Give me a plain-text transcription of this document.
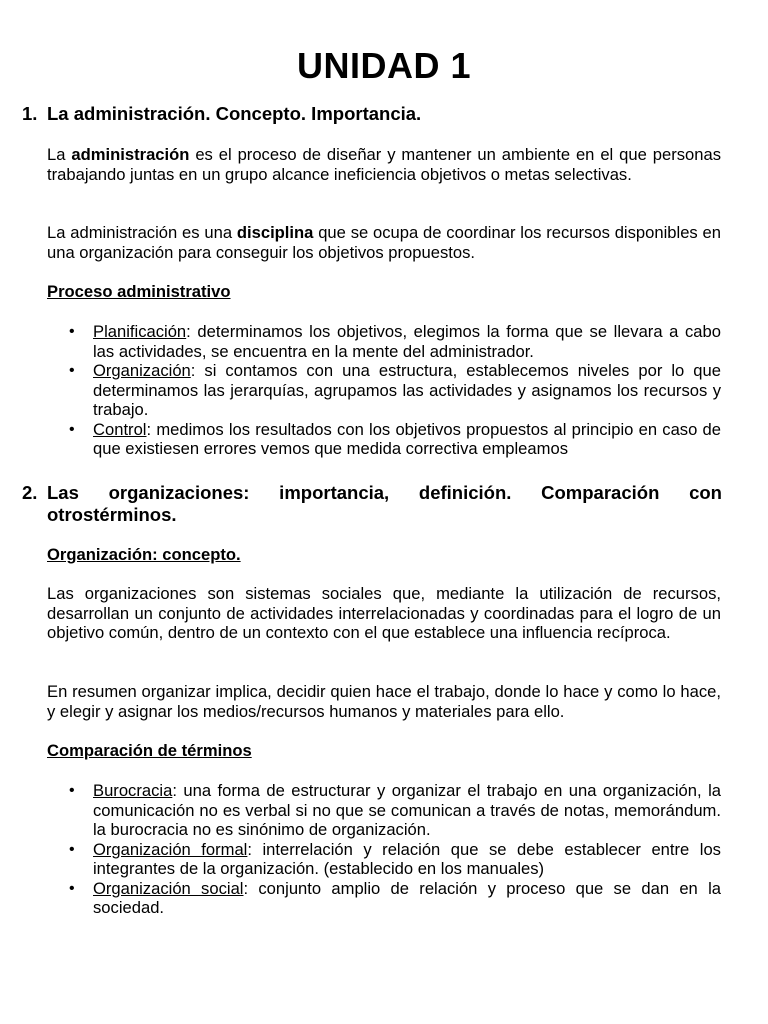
UNIDAD 1
1. La administración. Concepto. Importancia.
La administración es el proceso de diseñar y mantener un ambiente en el que personas trabajando juntas en un grupo alcance ineficiencia objetivos o metas selectivas.
La administración es una disciplina que se ocupa de coordinar los recursos disponibles en una organización para conseguir los objetivos propuestos.
Proceso administrativo
• Planificación: determinamos los objetivos, elegimos la forma que se llevara a cabo las actividades, se encuentra en la mente del administrador.
• Organización: si contamos con una estructura, establecemos niveles por lo que determinamos las jerarquías, agrupamos las actividades y asignamos los recursos y trabajo.
• Control: medimos los resultados con los objetivos propuestos al principio en caso de que existiesen errores vemos que medida correctiva empleamos
2. Las organizaciones: importancia, definición. Comparación con otrostérminos.
Organización: concepto.
Las organizaciones son sistemas sociales que, mediante la utilización de recursos, desarrollan un conjunto de actividades interrelacionadas y coordinadas para el logro de un objetivo común, dentro de un contexto con el que establece una influencia recíproca.
En resumen organizar implica, decidir quien hace el trabajo, donde lo hace y como lo hace, y elegir y asignar los medios/recursos humanos y materiales para ello.
Comparación de términos
• Burocracia: una forma de estructurar y organizar el trabajo en una organización, la comunicación no es verbal si no que se comunican a través de notas, memorándum. la burocracia no es sinónimo de organización.
• Organización formal: interrelación y relación que se debe establecer entre los integrantes de la organización. (establecido en los manuales)
• Organización social: conjunto amplio de relación y proceso que se dan en la sociedad.
